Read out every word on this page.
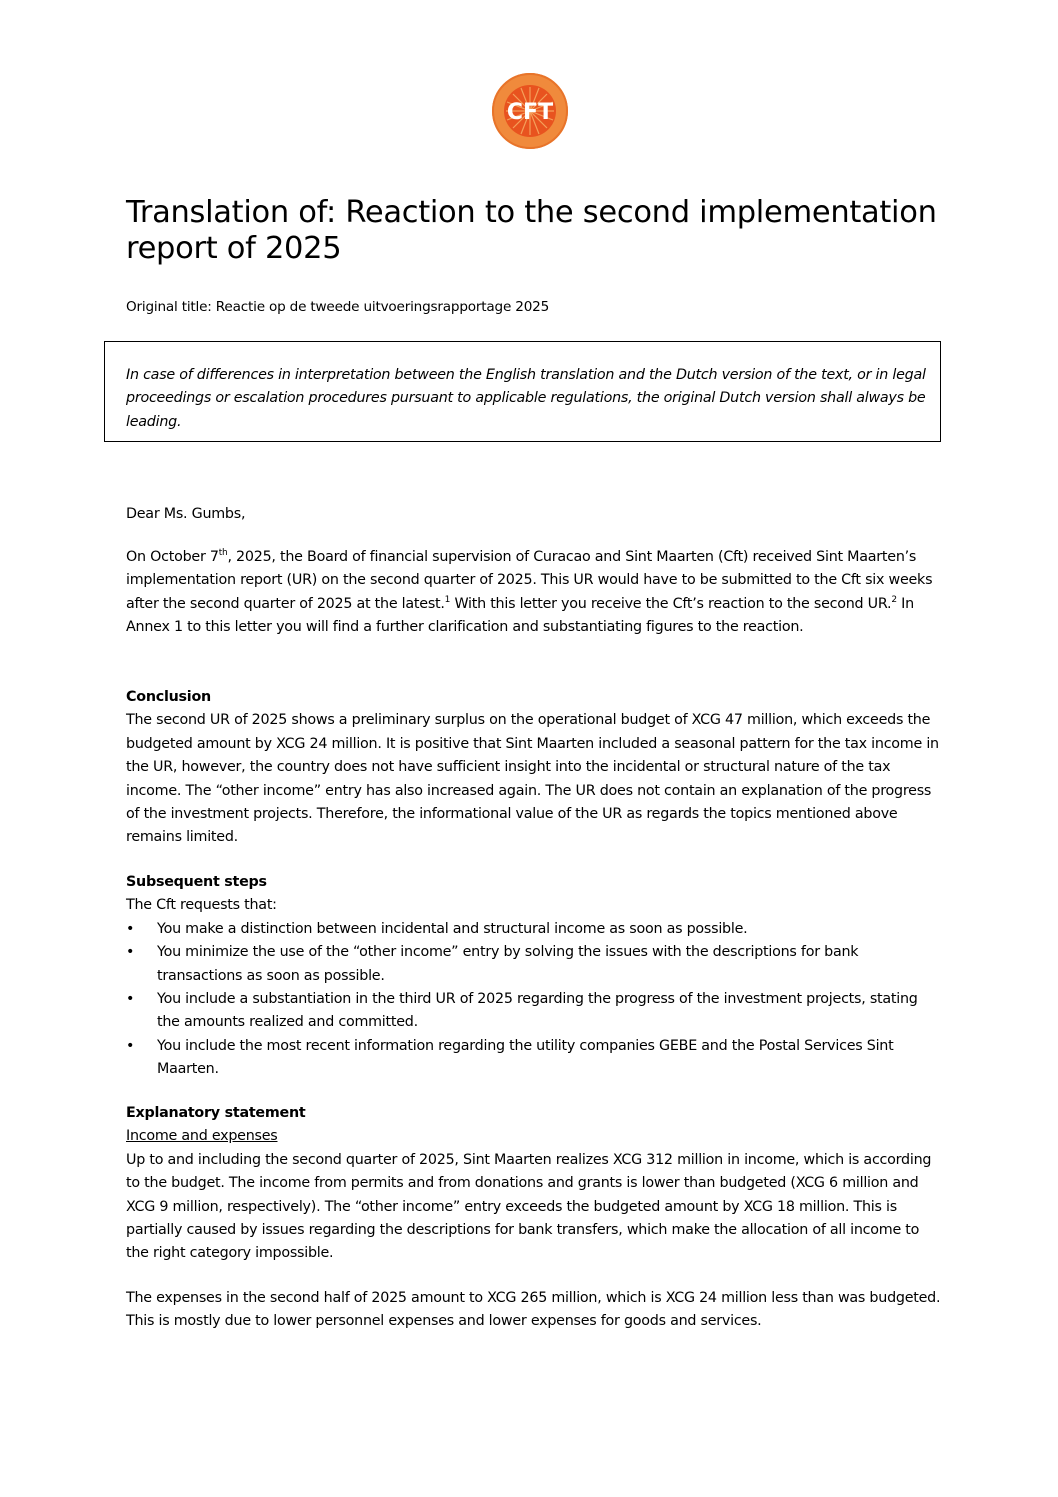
CFT
Translation of: Reaction to the second implementation report of 2025
Original title: Reactie op de tweede uitvoeringsrapportage 2025

In case of differences in interpretation between the English translation and the Dutch version of the text, or in legal proceedings or escalation procedures pursuant to applicable regulations, the original Dutch version shall always be leading.

Dear Ms. Gumbs,

On October 7th, 2025, the Board of financial supervision of Curacao and Sint Maarten (Cft) received Sint Maarten’s implementation report (UR) on the second quarter of 2025. This UR would have to be submitted to the Cft six weeks after the second quarter of 2025 at the latest.$^1$ With this letter you receive the Cft’s reaction to the second UR.$^2$ In Annex 1 to this letter you will find a further clarification and substantiating figures to the reaction.

Conclusion

The second UR of 2025 shows a preliminary surplus on the operational budget of XCG 47 million, which exceeds the budgeted amount by XCG 24 million. It is positive that Sint Maarten included a seasonal pattern for the tax income in the UR, however, the country does not have sufficient insight into the incidental or structural nature of the tax income. The “other income” entry has also increased again. The UR does not contain an explanation of the progress of the investment projects. Therefore, the informational value of the UR as regards the topics mentioned above remains limited.

Subsequent steps

The Cft requests that:

• You make a distinction between incidental and structural income as soon as possible.
• You minimize the use of the “other income” entry by solving the issues with the descriptions for bank transactions as soon as possible.
• You include a substantiation in the third UR of 2025 regarding the progress of the investment projects, stating the amounts realized and committed.
• You include the most recent information regarding the utility companies GEBE and the Postal Services Sint Maarten.

Explanatory statement

Income and expenses

Up to and including the second quarter of 2025, Sint Maarten realizes XCG 312 million in income, which is according to the budget. The income from permits and from donations and grants is lower than budgeted (XCG 6 million and XCG 9 million, respectively). The “other income” entry exceeds the budgeted amount by XCG 18 million. This is partially caused by issues regarding the descriptions for bank transfers, which make the allocation of all income to the right category impossible.

The expenses in the second half of 2025 amount to XCG 265 million, which is XCG 24 million less than was budgeted. This is mostly due to lower personnel expenses and lower expenses for goods and services.
